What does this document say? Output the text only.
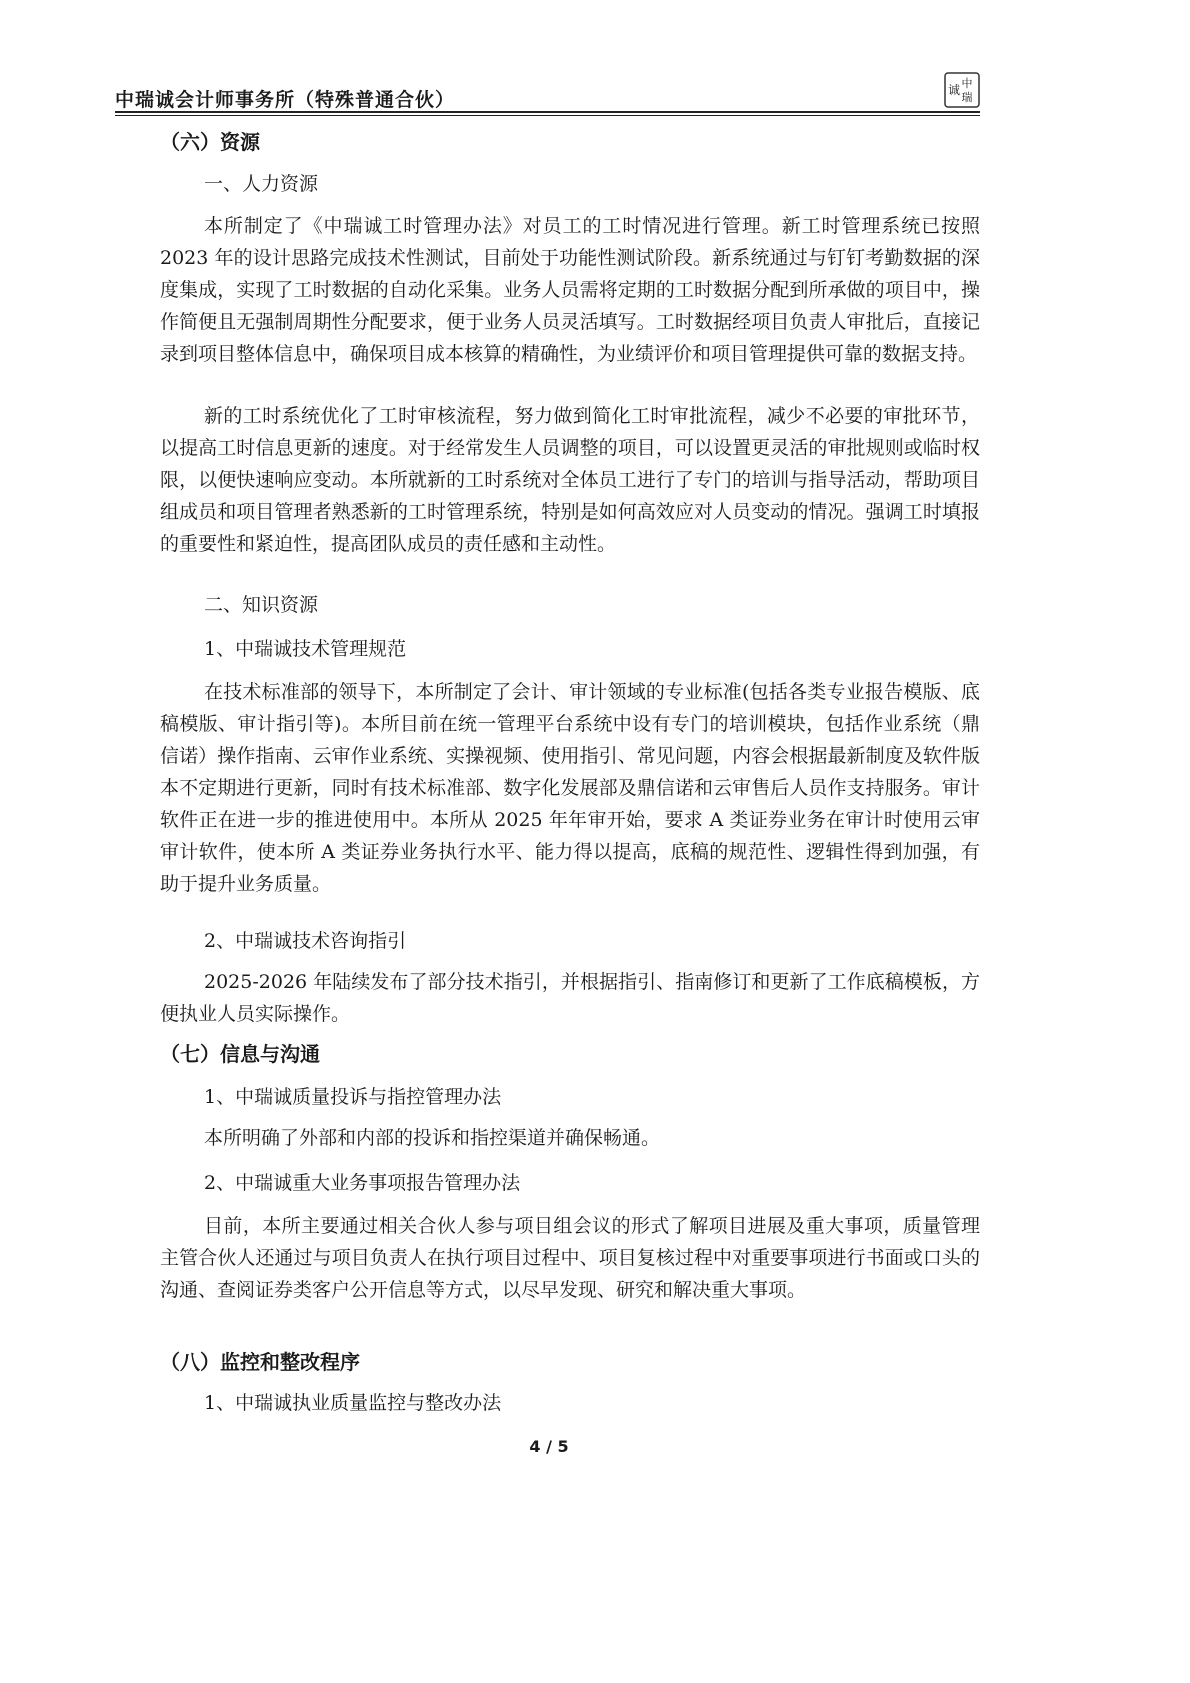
中瑞诚会计师事务所（特殊普通合伙）
中
瑞
诚
（六）资源
一、人力资源
本所制定了《中瑞诚工时管理办法》对员工的工时情况进行管理。新工时管理系统已按照 2023 年的设计思路完成技术性测试，目前处于功能性测试阶段。新系统通过与钉钉考勤数据的深度集成，实现了工时数据的自动化采集。业务人员需将定期的工时数据分配到所承做的项目中，操作简便且无强制周期性分配要求，便于业务人员灵活填写。工时数据经项目负责人审批后，直接记录到项目整体信息中，确保项目成本核算的精确性，为业绩评价和项目管理提供可靠的数据支持。
新的工时系统优化了工时审核流程，努力做到简化工时审批流程，减少不必要的审批环节，以提高工时信息更新的速度。对于经常发生人员调整的项目，可以设置更灵活的审批规则或临时权限，以便快速响应变动。本所就新的工时系统对全体员工进行了专门的培训与指导活动，帮助项目组成员和项目管理者熟悉新的工时管理系统，特别是如何高效应对人员变动的情况。强调工时填报的重要性和紧迫性，提高团队成员的责任感和主动性。
二、知识资源
1、中瑞诚技术管理规范
在技术标准部的领导下，本所制定了会计、审计领域的专业标准(包括各类专业报告模版、底稿模版、审计指引等)。本所目前在统一管理平台系统中设有专门的培训模块，包括作业系统（鼎信诺）操作指南、云审作业系统、实操视频、使用指引、常见问题，内容会根据最新制度及软件版本不定期进行更新，同时有技术标准部、数字化发展部及鼎信诺和云审售后人员作支持服务。审计软件正在进一步的推进使用中。本所从 2025 年年审开始，要求 A 类证券业务在审计时使用云审审计软件，使本所 A 类证券业务执行水平、能力得以提高，底稿的规范性、逻辑性得到加强，有助于提升业务质量。
2、中瑞诚技术咨询指引
2025-2026 年陆续发布了部分技术指引，并根据指引、指南修订和更新了工作底稿模板，方便执业人员实际操作。
（七）信息与沟通
1、中瑞诚质量投诉与指控管理办法
本所明确了外部和内部的投诉和指控渠道并确保畅通。
2、中瑞诚重大业务事项报告管理办法
目前，本所主要通过相关合伙人参与项目组会议的形式了解项目进展及重大事项，质量管理主管合伙人还通过与项目负责人在执行项目过程中、项目复核过程中对重要事项进行书面或口头的沟通、查阅证券类客户公开信息等方式，以尽早发现、研究和解决重大事项。
（八）监控和整改程序
1、中瑞诚执业质量监控与整改办法
4 / 5
